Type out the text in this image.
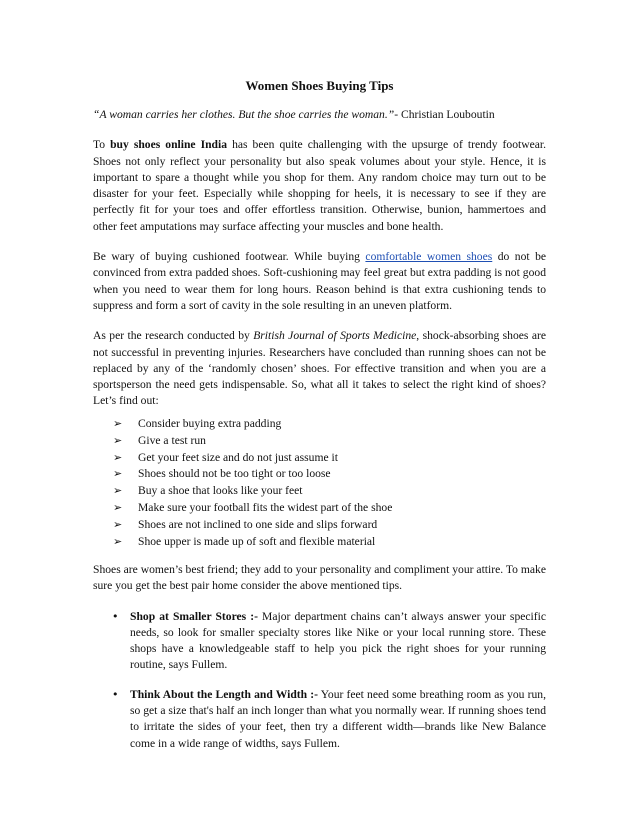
Women Shoes Buying Tips

“A woman carries her clothes. But the shoe carries the woman.”- Christian Louboutin

To buy shoes online India has been quite challenging with the upsurge of trendy footwear. Shoes not only reflect your personality but also speak volumes about your style. Hence, it is important to spare a thought while you shop for them. Any random choice may turn out to be disaster for your feet. Especially while shopping for heels, it is necessary to see if they are perfectly fit for your toes and offer effortless transition. Otherwise, bunion, hammertoes and other feet amputations may surface affecting your muscles and bone health.

Be wary of buying cushioned footwear. While buying comfortable women shoes do not be convinced from extra padded shoes. Soft-cushioning may feel great but extra padding is not good when you need to wear them for long hours. Reason behind is that extra cushioning tends to suppress and form a sort of cavity in the sole resulting in an uneven platform.

As per the research conducted by British Journal of Sports Medicine, shock-absorbing shoes are not successful in preventing injuries. Researchers have concluded than running shoes can not be replaced by any of the ‘randomly chosen’ shoes. For effective transition and when you are a sportsperson the need gets indispensable. So, what all it takes to select the right kind of shoes? Let’s find out:

➢ Consider buying extra padding
➢ Give a test run
➢ Get your feet size and do not just assume it
➢ Shoes should not be too tight or too loose
➢ Buy a shoe that looks like your feet
➢ Make sure your football fits the widest part of the shoe
➢ Shoes are not inclined to one side and slips forward
➢ Shoe upper is made up of soft and flexible material

Shoes are women’s best friend; they add to your personality and compliment your attire. To make sure you get the best pair home consider the above mentioned tips.

• Shop at Smaller Stores :- Major department chains can’t always answer your specific needs, so look for smaller specialty stores like Nike or your local running store. These shops have a knowledgeable staff to help you pick the right shoes for your running routine, says Fullem.
• Think About the Length and Width :- Your feet need some breathing room as you run, so get a size that's half an inch longer than what you normally wear. If running shoes tend to irritate the sides of your feet, then try a different width—brands like New Balance come in a wide range of widths, says Fullem.
